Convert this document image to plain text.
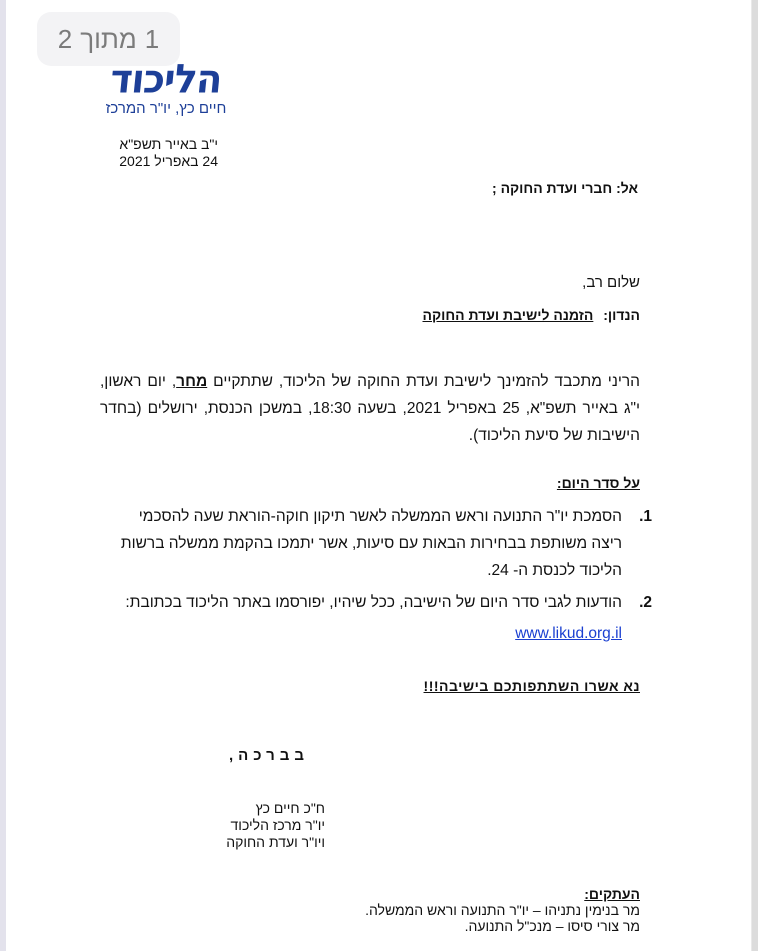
1
מתוך
2
הליכוד
חיים כץ, יו"ר המרכז
י"ב באייר תשפ"א
24 באפריל 2021
אל: חברי ועדת החוקה ;
שלום רב,
הנדון: הזמנה לישיבת ועדת החוקה
הריני מתכבד להזמינך לישיבת ועדת החוקה של הליכוד, שתתקיים מחר, יום ראשון, י"ג באייר תשפ"א, 25 באפריל 2021, בשעה 18:30, במשכן הכנסת, ירושלים (בחדר הישיבות של סיעת הליכוד).
על סדר היום:
1.
הסמכת יו"ר התנועה וראש הממשלה לאשר תיקון חוקה-הוראת שעה להסכמי ריצה משותפת בבחירות הבאות עם סיעות, אשר יתמכו בהקמת ממשלה ברשות הליכוד לכנסת ה- 24.
2.
הודעות לגבי סדר היום של הישיבה, ככל שיהיו, יפורסמו באתר הליכוד בכתובת:
www.likud.org.il
נא אשרו השתתפותכם בישיבה!!!
בברכה,
ח"כ חיים כץ
יו"ר מרכז הליכוד
ויו"ר ועדת החוקה
העתקים:
מר בנימין נתניהו – יו"ר התנועה וראש הממשלה.
מר צורי סיסו – מנכ"ל התנועה.
